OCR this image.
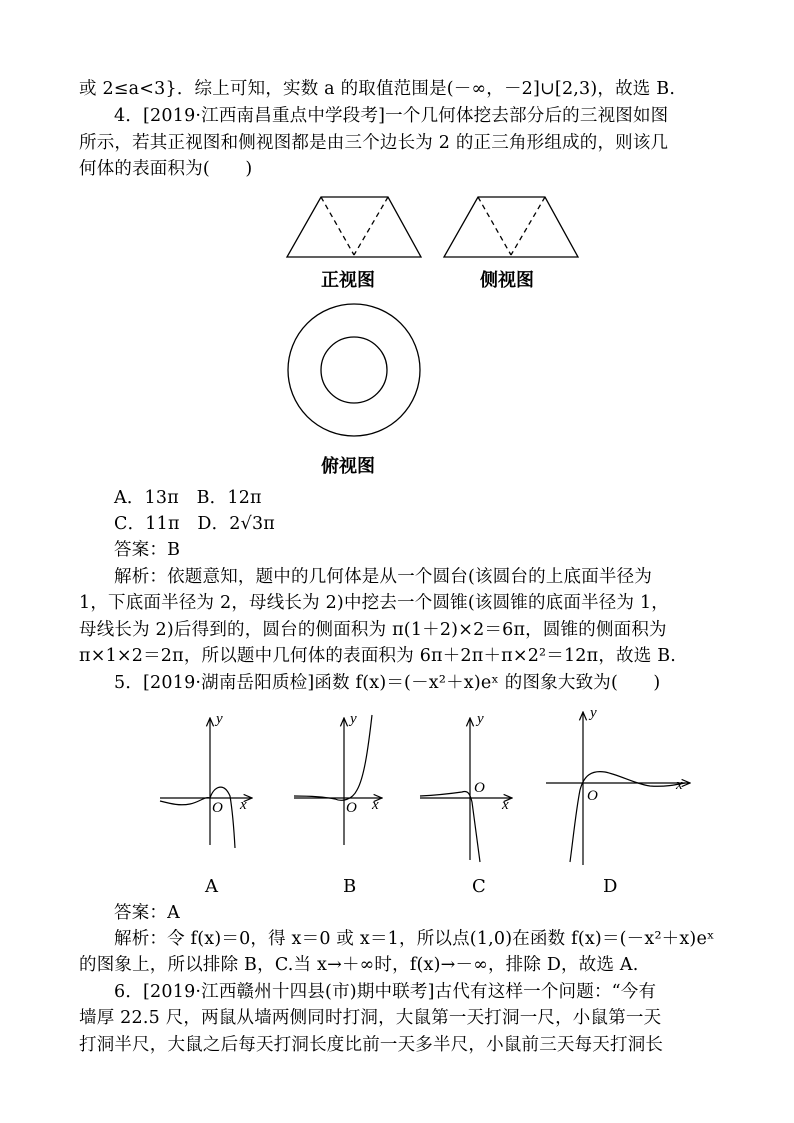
或 2≤a<3}．综上可知，实数 a 的取值范围是(－∞，－2]∪[2,3)，故选 B.
4．[2019·江西南昌重点中学段考]一个几何体挖去部分后的三视图如图
所示，若其正视图和侧视图都是由三个边长为 2 的正三角形组成的，则该几
何体的表面积为(　　)
正视图	侧视图
俯视图
A．13π　B．12π
C．11π　D．2√3π
答案：B
解析：依题意知，题中的几何体是从一个圆台(该圆台的上底面半径为
1，下底面半径为 2，母线长为 2)中挖去一个圆锥(该圆锥的底面半径为 1，
母线长为 2)后得到的，圆台的侧面积为 π(1＋2)×2＝6π，圆锥的侧面积为
π×1×2＝2π，所以题中几何体的表面积为 6π＋2π＋π×2²＝12π，故选 B.
5．[2019·湖南岳阳质检]函数 f(x)＝(－x²＋x)eˣ 的图象大致为(　　)
y
x
O
y
x
O
y
x
O
y
x
O
A	B	C	D
答案：A
解析：令 f(x)＝0，得 x＝0 或 x＝1，所以点(1,0)在函数 f(x)＝(－x²＋x)eˣ
的图象上，所以排除 B，C.当 x→＋∞时，f(x)→－∞，排除 D，故选 A.
6．[2019·江西赣州十四县(市)期中联考]古代有这样一个问题：“今有
墙厚 22.5 尺，两鼠从墙两侧同时打洞，大鼠第一天打洞一尺，小鼠第一天
打洞半尺，大鼠之后每天打洞长度比前一天多半尺，小鼠前三天每天打洞长
